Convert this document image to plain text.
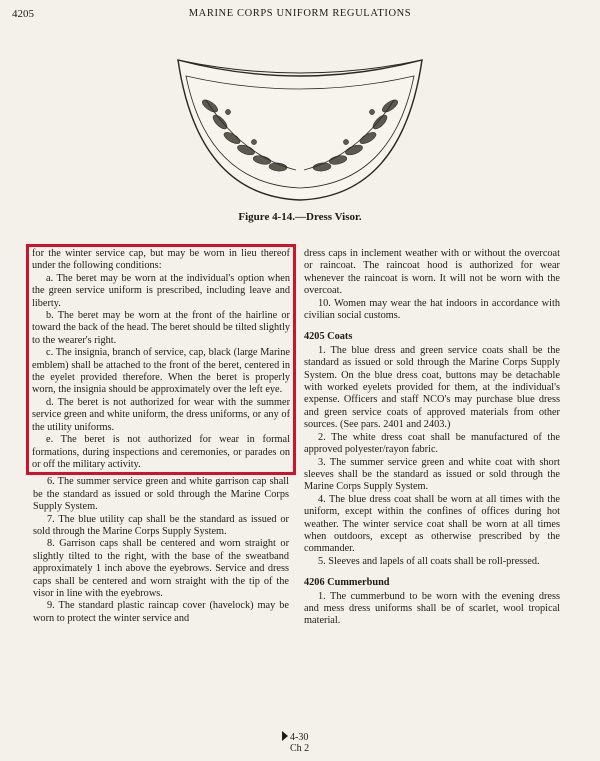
4205	MARINE CORPS UNIFORM REGULATIONS
Figure 4-14.—Dress Visor.

for the winter service cap, but may be worn in lieu thereof under the following conditions:

a. The beret may be worn at the individual's option when the green service uniform is prescribed, including leave and liberty.

b. The beret may be worn at the front of the hairline or toward the back of the head. The beret should be tilted slightly to the wearer's right.

c. The insignia, branch of service, cap, black (large Marine emblem) shall be attached to the front of the beret, centered in the eyelet provided therefore. When the beret is properly worn, the insignia should be approximately over the left eye.

d. The beret is not authorized for wear with the summer service green and white uniform, the dress uniforms, or any of the utility uniforms.

e. The beret is not authorized for wear in formal formations, during inspections and ceremonies, or parades on or off the military activity.

6. The summer service green and white garrison cap shall be the standard as issued or sold through the Marine Corps Supply System.

7. The blue utility cap shall be the standard as issued or sold through the Marine Corps Supply System.

8. Garrison caps shall be centered and worn straight or slightly tilted to the right, with the base of the sweatband approximately 1 inch above the eyebrows. Service and dress caps shall be centered and worn straight with the tip of the visor in line with the eyebrows.

9. The standard plastic raincap cover (havelock) may be worn to protect the winter service and

dress caps in inclement weather with or without the overcoat or raincoat. The raincoat hood is authorized for wear whenever the raincoat is worn. It will not be worn with the overcoat.

10. Women may wear the hat indoors in accordance with civilian social customs.

4205 Coats

1. The blue dress and green service coats shall be the standard as issued or sold through the Marine Corps Supply System. On the blue dress coat, buttons may be detachable with worked eyelets provided for them, at the individual's expense. Officers and staff NCO's may purchase blue dress and green service coats of approved materials from other sources. (See pars. 2401 and 2403.)

2. The white dress coat shall be manufactured of the approved polyester/rayon fabric.

3. The summer service green and white coat with short sleeves shall be the standard as issued or sold through the Marine Corps Supply System.

4. The blue dress coat shall be worn at all times with the uniform, except within the confines of offices during hot weather. The winter service coat shall be worn at all times when outdoors, except as otherwise prescribed by the commander.

5. Sleeves and lapels of all coats shall be roll-pressed.

4206 Cummerbund

1. The cummerbund to be worn with the evening dress and mess dress uniforms shall be of scarlet, wool tropical material.

4-30
Ch 2
